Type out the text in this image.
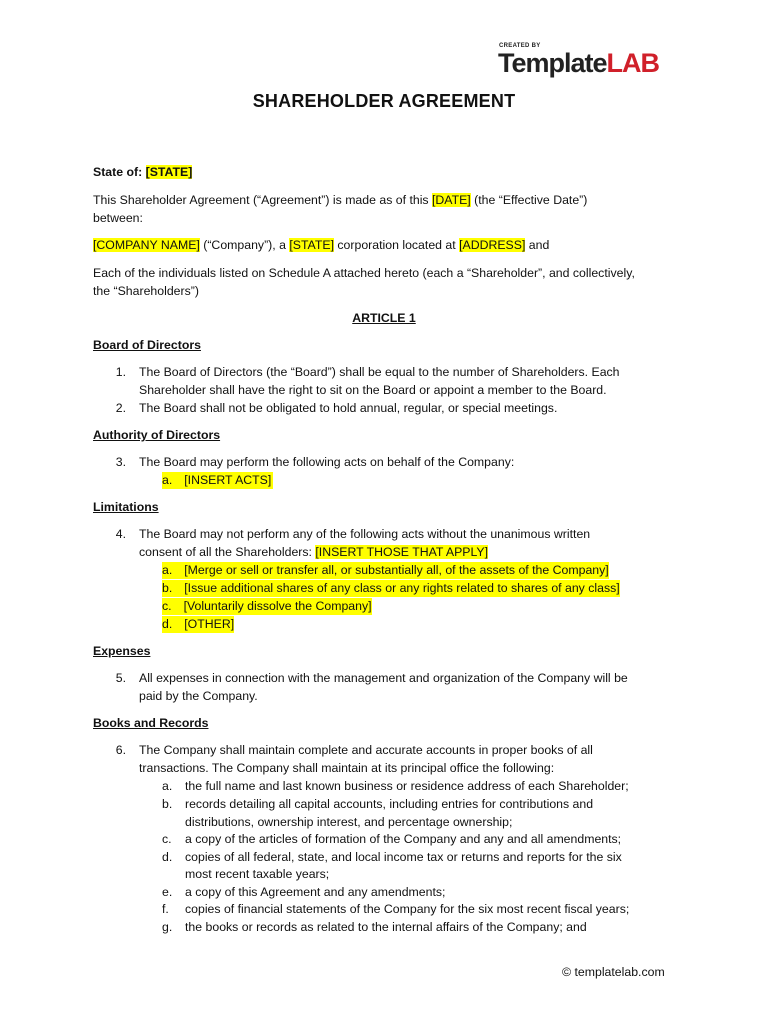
CREATED BY
TemplateLAB
SHAREHOLDER AGREEMENT
State of: [STATE]
This Shareholder Agreement (“Agreement”) is made as of this [DATE] (the “Effective Date”)
between:
[COMPANY NAME] (“Company”), a [STATE] corporation located at [ADDRESS] and
Each of the individuals listed on Schedule A attached hereto (each a “Shareholder”, and collectively,
the “Shareholders”)
ARTICLE 1
Board of Directors
1. The Board of Directors (the “Board”) shall be equal to the number of Shareholders. Each
Shareholder shall have the right to sit on the Board or appoint a member to the Board.
2. The Board shall not be obligated to hold annual, regular, or special meetings.
Authority of Directors
3. The Board may perform the following acts on behalf of the Company:
a. [INSERT ACTS]
Limitations
4. The Board may not perform any of the following acts without the unanimous written
consent of all the Shareholders: [INSERT THOSE THAT APPLY]
a. [Merge or sell or transfer all, or substantially all, of the assets of the Company]
b. [Issue additional shares of any class or any rights related to shares of any class]
c. [Voluntarily dissolve the Company]
d. [OTHER]
Expenses
5. All expenses in connection with the management and organization of the Company will be
paid by the Company.
Books and Records
6. The Company shall maintain complete and accurate accounts in proper books of all
transactions. The Company shall maintain at its principal office the following:
a. the full name and last known business or residence address of each Shareholder;
b. records detailing all capital accounts, including entries for contributions and
distributions, ownership interest, and percentage ownership;
c. a copy of the articles of formation of the Company and any and all amendments;
d. copies of all federal, state, and local income tax or returns and reports for the six
most recent taxable years;
e. a copy of this Agreement and any amendments;
f. copies of financial statements of the Company for the six most recent fiscal years;
g. the books or records as related to the internal affairs of the Company; and
© templatelab.com
